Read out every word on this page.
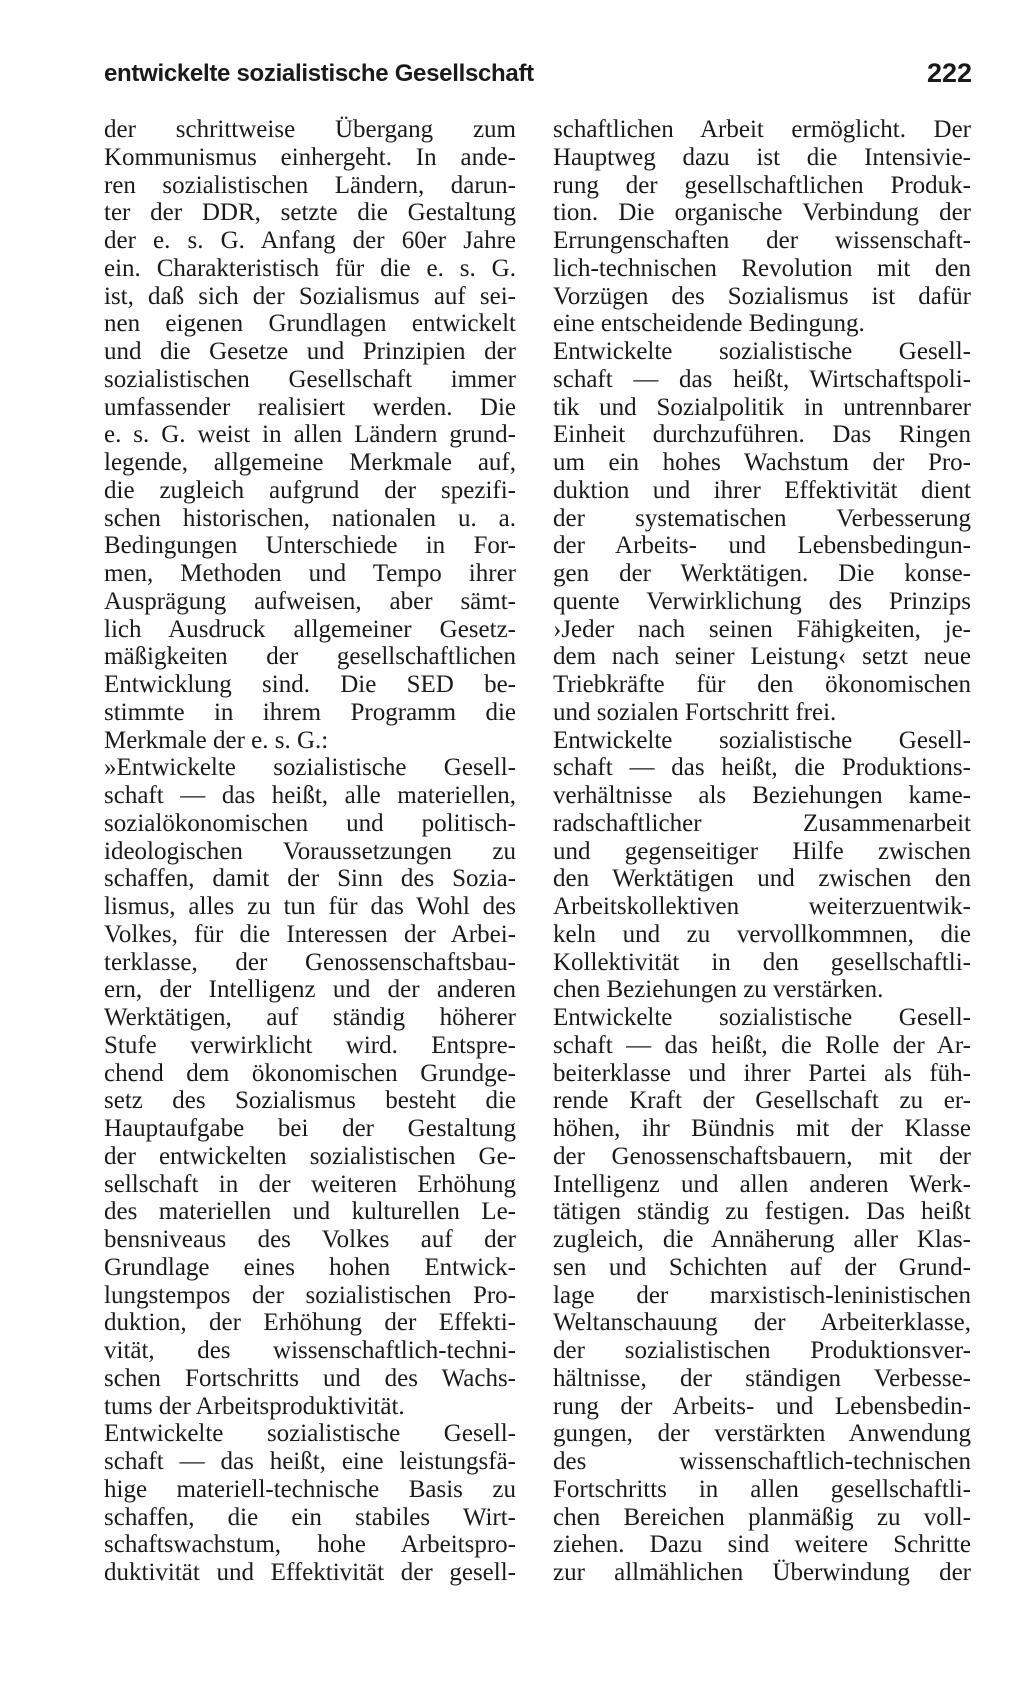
entwickelte sozialistische Gesellschaft	222
der schrittweise Übergang zum
Kommunismus einhergeht. In ande-
ren sozialistischen Ländern, darun-
ter der DDR, setzte die Gestaltung
der e. s. G. Anfang der 60er Jahre
ein. Charakteristisch für die e. s. G.
ist, daß sich der Sozialismus auf sei-
nen eigenen Grundlagen entwickelt
und die Gesetze und Prinzipien der
sozialistischen Gesellschaft immer
umfassender realisiert werden. Die
e. s. G. weist in allen Ländern grund-
legende, allgemeine Merkmale auf,
die zugleich aufgrund der spezifi-
schen historischen, nationalen u. a.
Bedingungen Unterschiede in For-
men, Methoden und Tempo ihrer
Ausprägung aufweisen, aber sämt-
lich Ausdruck allgemeiner Gesetz-
mäßigkeiten der gesellschaftlichen
Entwicklung sind. Die SED be-
stimmte in ihrem Programm die
Merkmale der e. s. G.:
»Entwickelte sozialistische Gesell-
schaft — das heißt, alle materiellen,
sozialökonomischen und politisch-
ideologischen Voraussetzungen zu
schaffen, damit der Sinn des Sozia-
lismus, alles zu tun für das Wohl des
Volkes, für die Interessen der Arbei-
terklasse, der Genossenschaftsbau-
ern, der Intelligenz und der anderen
Werktätigen, auf ständig höherer
Stufe verwirklicht wird. Entspre-
chend dem ökonomischen Grundge-
setz des Sozialismus besteht die
Hauptaufgabe bei der Gestaltung
der entwickelten sozialistischen Ge-
sellschaft in der weiteren Erhöhung
des materiellen und kulturellen Le-
bensniveaus des Volkes auf der
Grundlage eines hohen Entwick-
lungstempos der sozialistischen Pro-
duktion, der Erhöhung der Effekti-
vität, des wissenschaftlich-techni-
schen Fortschritts und des Wachs-
tums der Arbeitsproduktivität.
Entwickelte sozialistische Gesell-
schaft — das heißt, eine leistungsfä-
hige materiell-technische Basis zu
schaffen, die ein stabiles Wirt-
schaftswachstum, hohe Arbeitspro-
duktivität und Effektivität der gesell-
schaftlichen Arbeit ermöglicht. Der
Hauptweg dazu ist die Intensivie-
rung der gesellschaftlichen Produk-
tion. Die organische Verbindung der
Errungenschaften der wissenschaft-
lich-technischen Revolution mit den
Vorzügen des Sozialismus ist dafür
eine entscheidende Bedingung.
Entwickelte sozialistische Gesell-
schaft — das heißt, Wirtschaftspoli-
tik und Sozialpolitik in untrennbarer
Einheit durchzuführen. Das Ringen
um ein hohes Wachstum der Pro-
duktion und ihrer Effektivität dient
der systematischen Verbesserung
der Arbeits- und Lebensbedingun-
gen der Werktätigen. Die konse-
quente Verwirklichung des Prinzips
›Jeder nach seinen Fähigkeiten, je-
dem nach seiner Leistung‹ setzt neue
Triebkräfte für den ökonomischen
und sozialen Fortschritt frei.
Entwickelte sozialistische Gesell-
schaft — das heißt, die Produktions-
verhältnisse als Beziehungen kame-
radschaftlicher Zusammenarbeit
und gegenseitiger Hilfe zwischen
den Werktätigen und zwischen den
Arbeitskollektiven weiterzuentwik-
keln und zu vervollkommnen, die
Kollektivität in den gesellschaftli-
chen Beziehungen zu verstärken.
Entwickelte sozialistische Gesell-
schaft — das heißt, die Rolle der Ar-
beiterklasse und ihrer Partei als füh-
rende Kraft der Gesellschaft zu er-
höhen, ihr Bündnis mit der Klasse
der Genossenschaftsbauern, mit der
Intelligenz und allen anderen Werk-
tätigen ständig zu festigen. Das heißt
zugleich, die Annäherung aller Klas-
sen und Schichten auf der Grund-
lage der marxistisch-leninistischen
Weltanschauung der Arbeiterklasse,
der sozialistischen Produktionsver-
hältnisse, der ständigen Verbesse-
rung der Arbeits- und Lebensbedin-
gungen, der verstärkten Anwendung
des wissenschaftlich-technischen
Fortschritts in allen gesellschaftli-
chen Bereichen planmäßig zu voll-
ziehen. Dazu sind weitere Schritte
zur allmählichen Überwindung der
